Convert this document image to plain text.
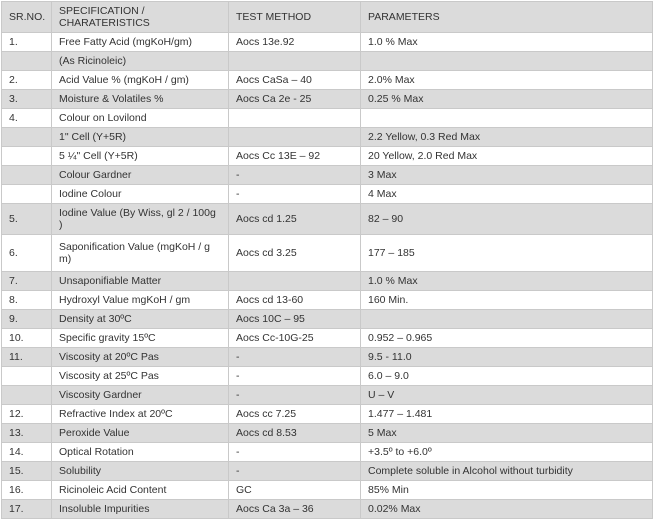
SR.NO.	SPECIFICATION / CHARATERISTICS	TEST METHOD	PARAMETERS
1.	Free Fatty Acid (mgKoH/gm)	Aocs 13e.92	1.0 % Max
	(As Ricinoleic)		
2.	Acid Value % (mgKoH / gm)	Aocs CaSa – 40	2.0% Max
3.	Moisture & Volatiles %	Aocs Ca 2e - 25	0.25 % Max
4.	Colour on Lovilond		
	1" Cell (Y+5R)		2.2 Yellow, 0.3 Red Max
	5 ¼" Cell (Y+5R)	Aocs Cc 13E – 92	20 Yellow, 2.0 Red Max
	Colour Gardner	-	3 Max
	Iodine Colour	-	4 Max
5.	Iodine Value (By Wiss, gl 2 / 100g )	Aocs cd 1.25	82 – 90
6.	Saponification Value (mgKoH / g m)	Aocs cd 3.25	177 – 185
7.	Unsaponifiable Matter		1.0 % Max
8.	Hydroxyl Value mgKoH / gm	Aocs cd 13-60	160 Min.
9.	Density at 30ºC	Aocs 10C – 95	
10.	Specific gravity 15ºC	Aocs Cc-10G-25	0.952 – 0.965
11.	Viscosity at 20ºC Pas	-	9.5 - 11.0
	Viscosity at 25ºC Pas	-	6.0 – 9.0
	Viscosity Gardner	-	U – V
12.	Refractive Index at 20ºC	Aocs cc 7.25	1.477 – 1.481
13.	Peroxide Value	Aocs cd 8.53	5 Max
14.	Optical Rotation	-	+3.5º to +6.0º
15.	Solubility	-	Complete soluble in Alcohol without turbidity
16.	Ricinoleic Acid Content	GC	85% Min
17.	Insoluble Impurities	Aocs Ca 3a – 36	0.02% Max
